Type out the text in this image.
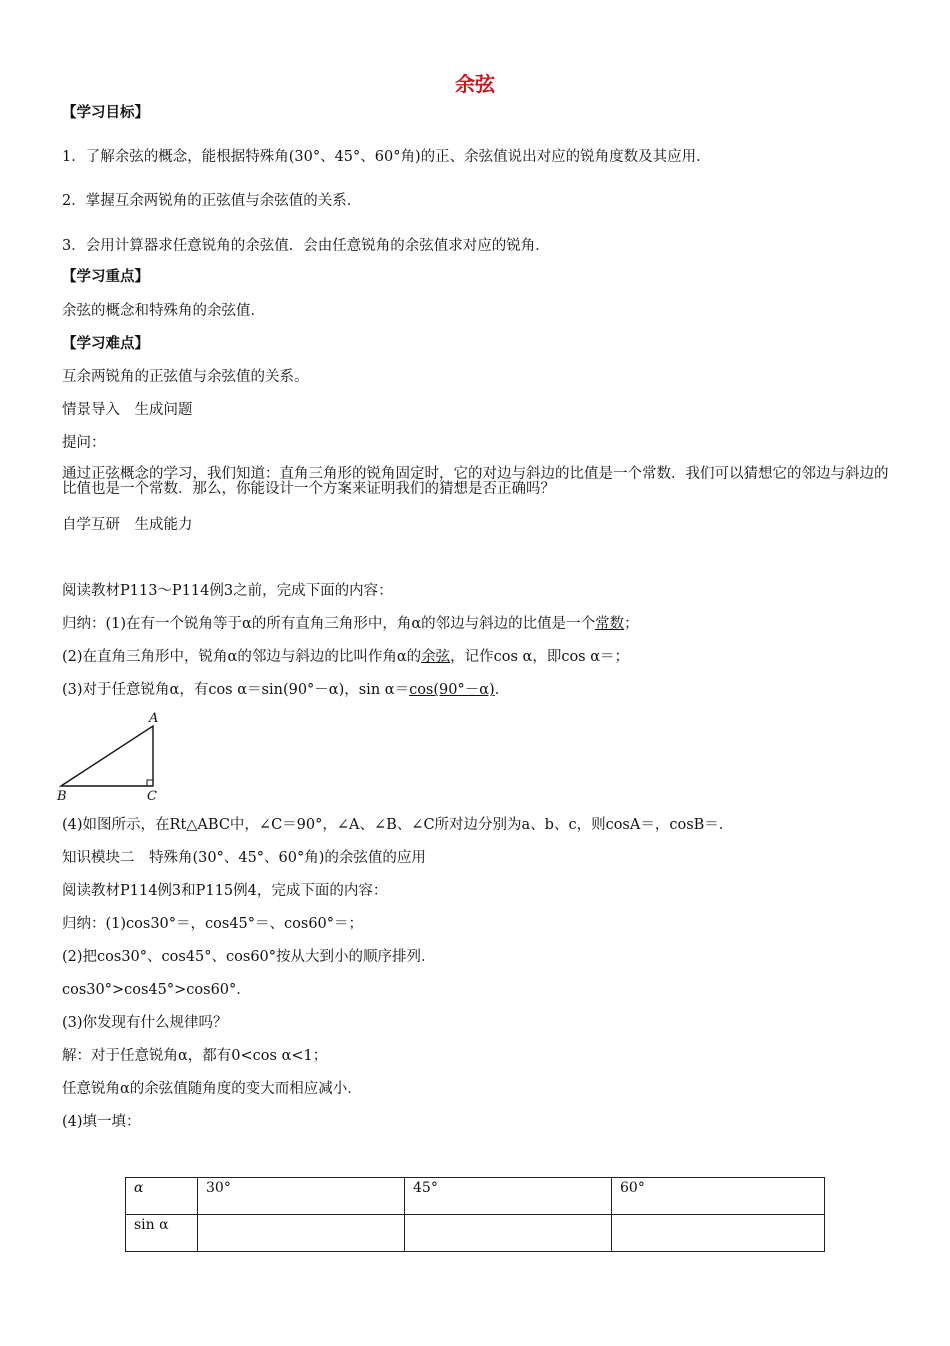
余弦
【学习目标】
1．了解余弦的概念，能根据特殊角(30°、45°、60°角)的正、余弦值说出对应的锐角度数及其应用．
2．掌握互余两锐角的正弦值与余弦值的关系．
3．会用计算器求任意锐角的余弦值．会由任意锐角的余弦值求对应的锐角．
【学习重点】
余弦的概念和特殊角的余弦值．
【学习难点】
互余两锐角的正弦值与余弦值的关系。
情景导入　生成问题
提问：
通过正弦概念的学习，我们知道：直角三角形的锐角固定时，它的对边与斜边的比值是一个常数．我们可以猜想它的邻边与斜边的比值也是一个常数．那么，你能设计一个方案来证明我们的猜想是否正确吗？
自学互研　生成能力
阅读教材P113～P114例3之前，完成下面的内容：
归纳：(1)在有一个锐角等于α的所有直角三角形中，角α的邻边与斜边的比值是一个常数；
(2)在直角三角形中，锐角α的邻边与斜边的比叫作角α的余弦，记作cos α，即cos α＝；
(3)对于任意锐角α，有cos α＝sin(90°－α)，sin α＝cos(90°－α)．
A
B	C
(4)如图所示，在Rt△ABC中，∠C＝90°，∠A、∠B、∠C所对边分别为a、b、c，则cosA＝，cosB＝．
知识模块二　特殊角(30°、45°、60°角)的余弦值的应用
阅读教材P114例3和P115例4，完成下面的内容：
归纳：(1)cos30°＝，cos45°＝、cos60°＝；
(2)把cos30°、cos45°、cos60°按从大到小的顺序排列．
cos30°>cos45°>cos60°．
(3)你发现有什么规律吗？
解：对于任意锐角α，都有0<cos α<1；
任意锐角α的余弦值随角度的变大而相应减小．
(4)填一填：
α	30°	45°	60°
sin α			
